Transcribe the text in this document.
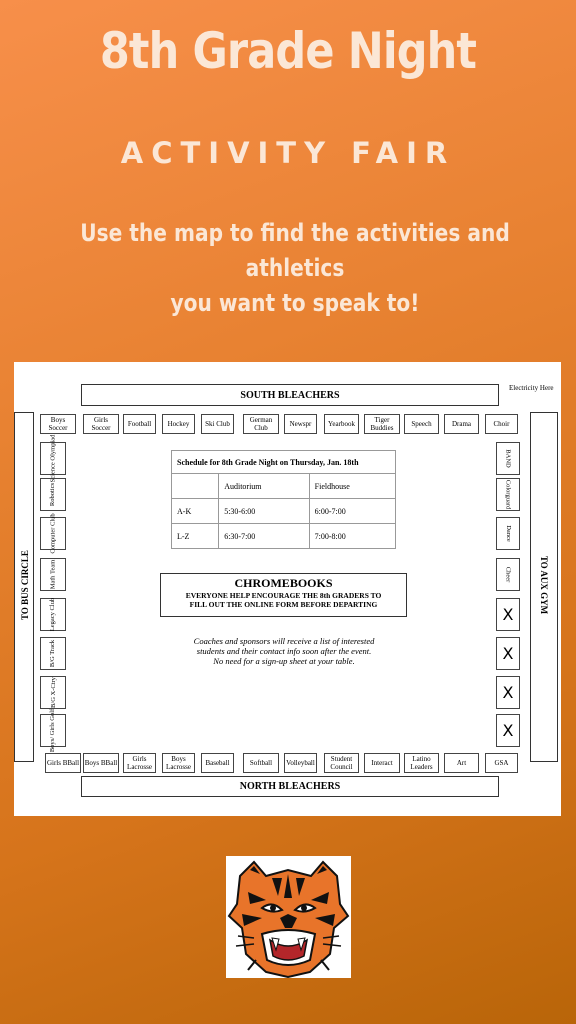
8th Grade Night
ACTIVITY FAIR
Use the map to find the activities and athletics
you want to speak to!
SOUTH BLEACHERS
Electricity Here
TO BUS CIRCLE	TO AUX GYM
Boys Soccer
Girls Soccer	Football	Hockey	Ski Club	German Club	Newspr	Yearbook	Tiger Buddies	Speech	Drama	Choir
Science Olympiad
Robotics
Computer Club
Math Team
Legacy Club
B/G Track
B/G X-Ctry
Boys/ Girls Golf
BAND
Colorguard
Dance
Cheer
X
X
X
X
Girls BBall Boys BBall	Girls Lacrosse
Boys Lacrosse	Baseball	Softball	Volleyball	Student Council	Interact	Latino Leaders	Art	GSA
Schedule for 8th Grade Night on Thursday, Jan. 18th		
	Auditorium	Fieldhouse
A-K	5:30-6:00	6:00-7:00
L-Z	6:30-7:00	7:00-8:00
CHROMEBOOKS
EVERYONE HELP ENCOURAGE THE 8th GRADERS TO
FILL OUT THE ONLINE FORM BEFORE DEPARTING
Coaches and sponsors will receive a list of interested
students and their contact info soon after the event.
No need for a sign-up sheet at your table.
NORTH BLEACHERS
